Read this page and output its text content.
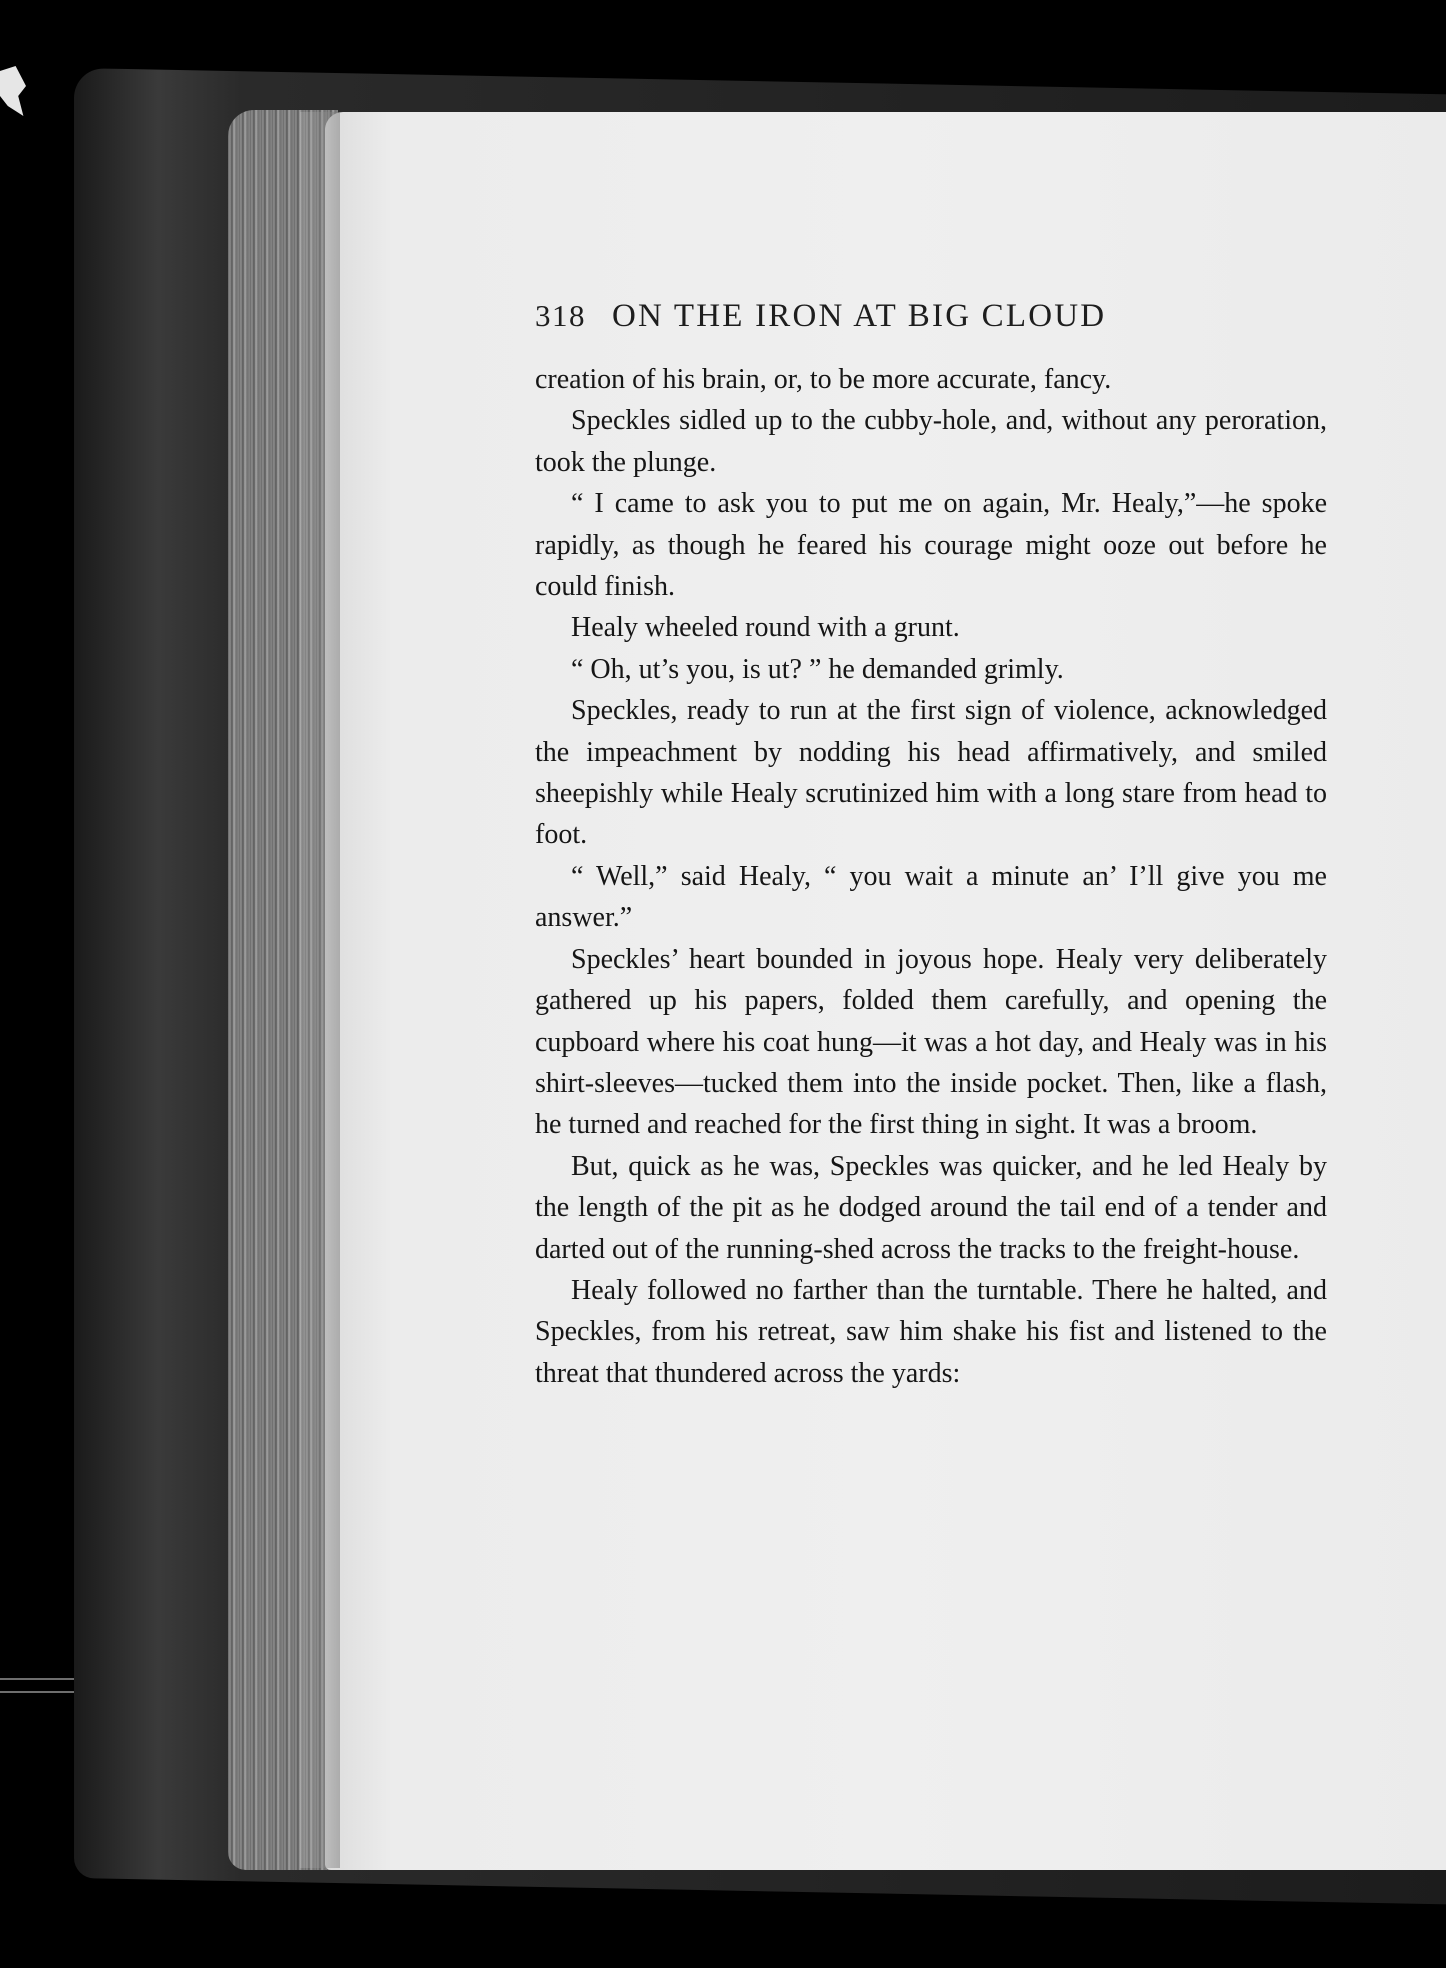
318 ON THE IRON AT BIG CLOUD

creation of his brain, or, to be more accurate, fancy.

Speckles sidled up to the cubby-hole, and, without any peroration, took the plunge.

“ I came to ask you to put me on again, Mr. Healy,”—he spoke rapidly, as though he feared his courage might ooze out before he could finish.

Healy wheeled round with a grunt.

“ Oh, ut’s you, is ut? ” he demanded grimly.

Speckles, ready to run at the first sign of violence, acknowledged the impeachment by nodding his head affirmatively, and smiled sheepishly while Healy scrutinized him with a long stare from head to foot.

“ Well,” said Healy, “ you wait a minute an’ I’ll give you me answer.”

Speckles’ heart bounded in joyous hope. Healy very deliberately gathered up his papers, folded them carefully, and opening the cupboard where his coat hung—it was a hot day, and Healy was in his shirt-sleeves—tucked them into the inside pocket. Then, like a flash, he turned and reached for the first thing in sight. It was a broom.

But, quick as he was, Speckles was quicker, and he led Healy by the length of the pit as he dodged around the tail end of a tender and darted out of the running-shed across the tracks to the freight-house.

Healy followed no farther than the turntable. There he halted, and Speckles, from his retreat, saw him shake his fist and listened to the threat that thundered across the yards:
